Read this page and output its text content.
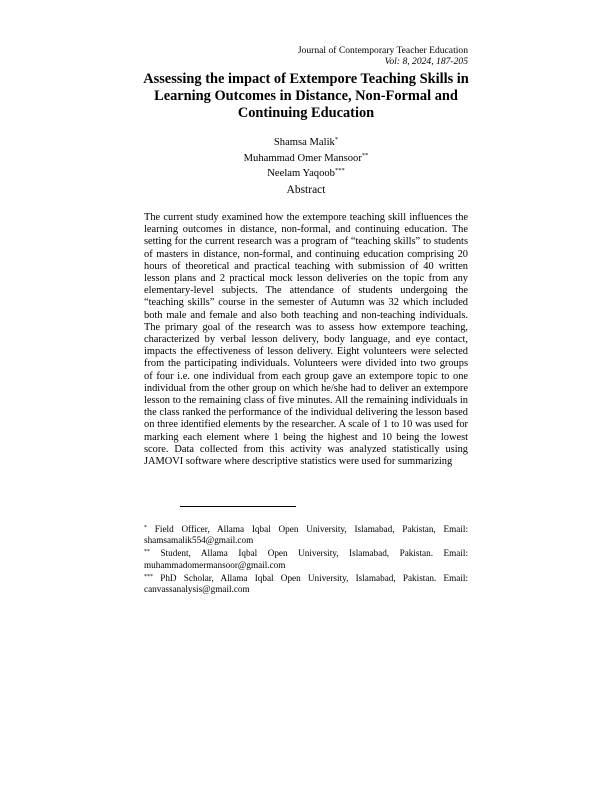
Journal of Contemporary Teacher Education
Vol: 8, 2024, 187-205
Assessing the impact of Extempore Teaching Skills in Learning Outcomes in Distance, Non-Formal and Continuing Education
Shamsa Malik*
Muhammad Omer Mansoor**
Neelam Yaqoob***
Abstract

The current study examined how the extempore teaching skill influences the learning outcomes in distance, non-formal, and continuing education. The setting for the current research was a program of “teaching skills” to students of masters in distance, non-formal, and continuing education comprising 20 hours of theoretical and practical teaching with submission of 40 written lesson plans and 2 practical mock lesson deliveries on the topic from any elementary-level subjects. The attendance of students undergoing the “teaching skills” course in the semester of Autumn was 32 which included both male and female and also both teaching and non-teaching individuals. The primary goal of the research was to assess how extempore teaching, characterized by verbal lesson delivery, body language, and eye contact, impacts the effectiveness of lesson delivery. Eight volunteers were selected from the participating individuals. Volunteers were divided into two groups of four i.e. one individual from each group gave an extempore topic to one individual from the other group on which he/she had to deliver an extempore lesson to the remaining class of five minutes. All the remaining individuals in the class ranked the performance of the individual delivering the lesson based on three identified elements by the researcher. A scale of 1 to 10 was used for marking each element where 1 being the highest and 10 being the lowest score. Data collected from this activity was analyzed statistically using JAMOVI software where descriptive statistics were used for summarizing

* Field Officer, Allama Iqbal Open University, Islamabad, Pakistan, Email: shamsamalik554@gmail.com

** Student, Allama Iqbal Open University, Islamabad, Pakistan. Email: muhammadomermansoor@gmail.com

*** PhD Scholar, Allama Iqbal Open University, Islamabad, Pakistan. Email: canvassanalysis@gmail.com
